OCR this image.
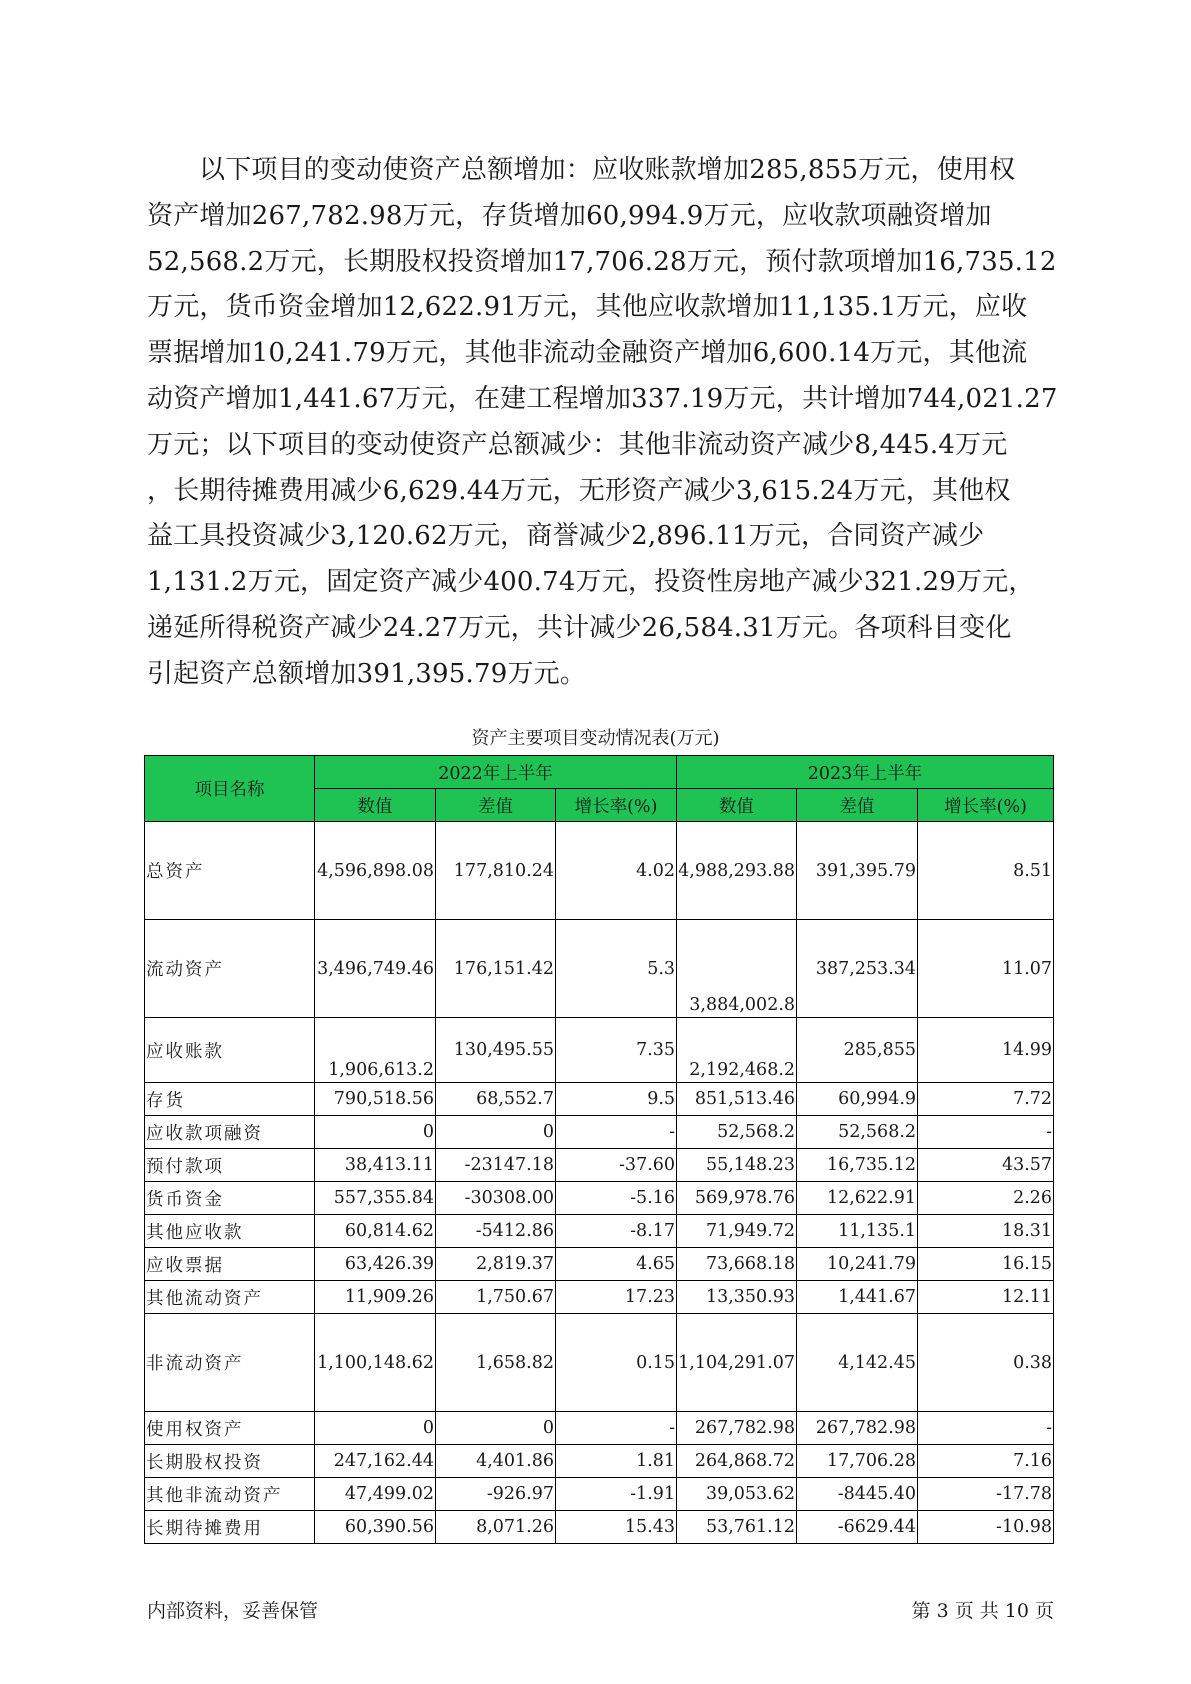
以下项目的变动使资产总额增加：应收账款增加285,855万元，使用权
资产增加267,782.98万元，存货增加60,994.9万元，应收款项融资增加
52,568.2万元，长期股权投资增加17,706.28万元，预付款项增加16,735.12
万元，货币资金增加12,622.91万元，其他应收款增加11,135.1万元，应收
票据增加10,241.79万元，其他非流动金融资产增加6,600.14万元，其他流
动资产增加1,441.67万元，在建工程增加337.19万元，共计增加744,021.27
万元；以下项目的变动使资产总额减少：其他非流动资产减少8,445.4万元
，长期待摊费用减少6,629.44万元，无形资产减少3,615.24万元，其他权
益工具投资减少3,120.62万元，商誉减少2,896.11万元，合同资产减少
1,131.2万元，固定资产减少400.74万元，投资性房地产减少321.29万元，
递延所得税资产减少24.27万元，共计减少26,584.31万元。各项科目变化
引起资产总额增加391,395.79万元。
资产主要项目变动情况表(万元)
项目名称	2022年上半年			2023年上半年		
	数值	差值	增长率(%)	数值	差值	增长率(%)
总资产	4,596,898.08	177,810.24	4.02	4,988,293.88	391,395.79	8.51
流动资产	3,496,749.46	176,151.42	5.3	3,884,002.8	387,253.34	11.07
应收账款	1,906,613.2	130,495.55	7.35	2,192,468.2	285,855	14.99
存货	790,518.56	68,552.7	9.5	851,513.46	60,994.9	7.72
应收款项融资	0	0	-	52,568.2	52,568.2	-
预付款项	38,413.11	-23147.18	-37.60	55,148.23	16,735.12	43.57
货币资金	557,355.84	-30308.00	-5.16	569,978.76	12,622.91	2.26
其他应收款	60,814.62	-5412.86	-8.17	71,949.72	11,135.1	18.31
应收票据	63,426.39	2,819.37	4.65	73,668.18	10,241.79	16.15
其他流动资产	11,909.26	1,750.67	17.23	13,350.93	1,441.67	12.11
非流动资产	1,100,148.62	1,658.82	0.15	1,104,291.07	4,142.45	0.38
使用权资产	0	0	-	267,782.98	267,782.98	-
长期股权投资	247,162.44	4,401.86	1.81	264,868.72	17,706.28	7.16
其他非流动资产	47,499.02	-926.97	-1.91	39,053.62	-8445.40	-17.78
长期待摊费用	60,390.56	8,071.26	15.43	53,761.12	-6629.44	-10.98
内部资料，妥善保管	第 3 页 共 10 页
